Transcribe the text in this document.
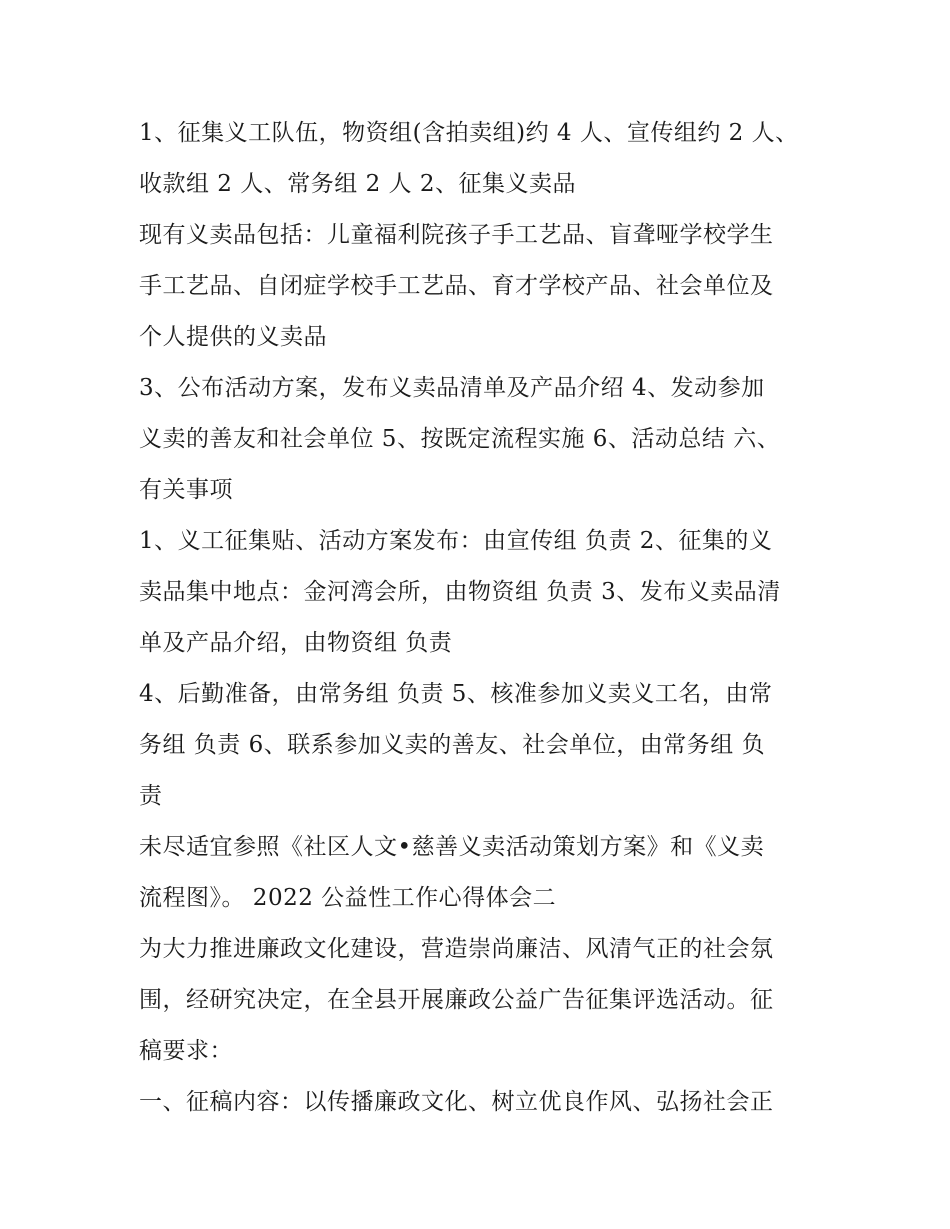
1、征集义工队伍，物资组(含拍卖组)约 4 人、宣传组约 2 人、
收款组 2 人、常务组 2 人 2、征集义卖品
现有义卖品包括：儿童福利院孩子手工艺品、盲聋哑学校学生
手工艺品、自闭症学校手工艺品、育才学校产品、社会单位及
个人提供的义卖品
3、公布活动方案，发布义卖品清单及产品介绍 4、发动参加
义卖的善友和社会单位 5、按既定流程实施 6、活动总结 六、
有关事项
1、义工征集贴、活动方案发布：由宣传组 负责 2、征集的义
卖品集中地点：金河湾会所，由物资组 负责 3、发布义卖品清
单及产品介绍，由物资组 负责
4、后勤准备，由常务组 负责 5、核准参加义卖义工名，由常
务组 负责 6、联系参加义卖的善友、社会单位，由常务组 负
责
未尽适宜参照《社区人文•慈善义卖活动策划方案》和《义卖
流程图》。 2022 公益性工作心得体会二
为大力推进廉政文化建设，营造崇尚廉洁、风清气正的社会氛
围，经研究决定，在全县开展廉政公益广告征集评选活动。征
稿要求：
一、征稿内容：以传播廉政文化、树立优良作风、弘扬社会正
